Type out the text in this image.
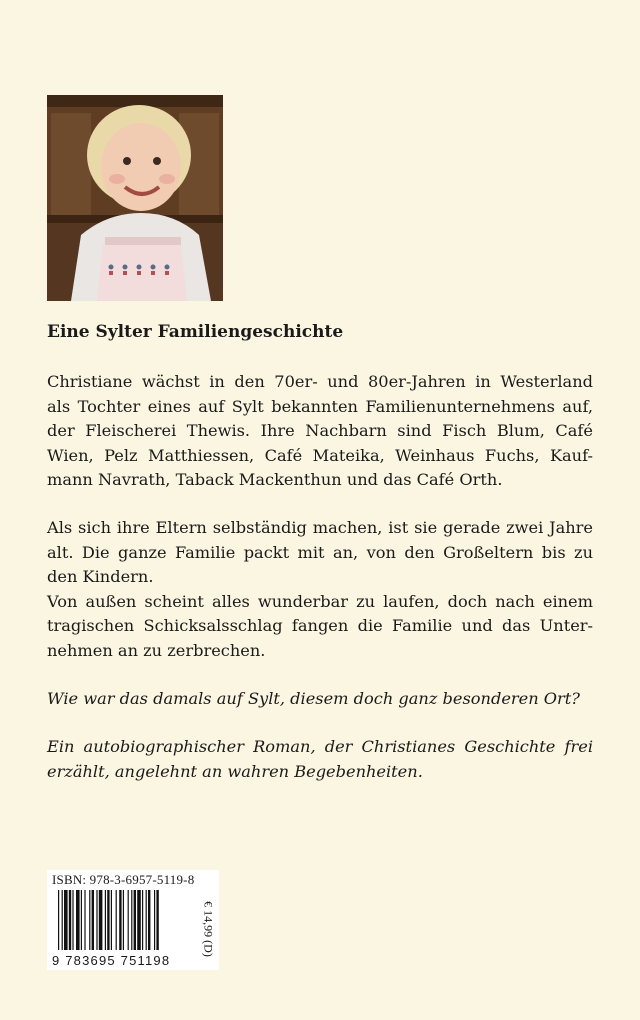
Eine Sylter Familiengeschichte

Christiane wächst in den 70er- und 80er-Jahren in Westerland
als Tochter eines auf Sylt bekannten Familienunternehmens auf,
der Fleischerei Thewis. Ihre Nachbarn sind Fisch Blum, Café
Wien, Pelz Matthiessen, Café Mateika, Weinhaus Fuchs, Kauf-
mann Navrath, Taback Mackenthun und das Café Orth.

Als sich ihre Eltern selbständig machen, ist sie gerade zwei Jahre
alt. Die ganze Familie packt mit an, von den Großeltern bis zu
den Kindern.
Von außen scheint alles wunderbar zu laufen, doch nach einem
tragischen Schicksalsschlag fangen die Familie und das Unter-
nehmen an zu zerbrechen.

Wie war das damals auf Sylt, diesem doch ganz besonderen Ort?

Ein autobiographischer Roman, der Christianes Geschichte frei
erzählt, angelehnt an wahren Begebenheiten.

ISBN: 978-3-6957-5119-8
9 783695 751198
€ 14,99 (D)
